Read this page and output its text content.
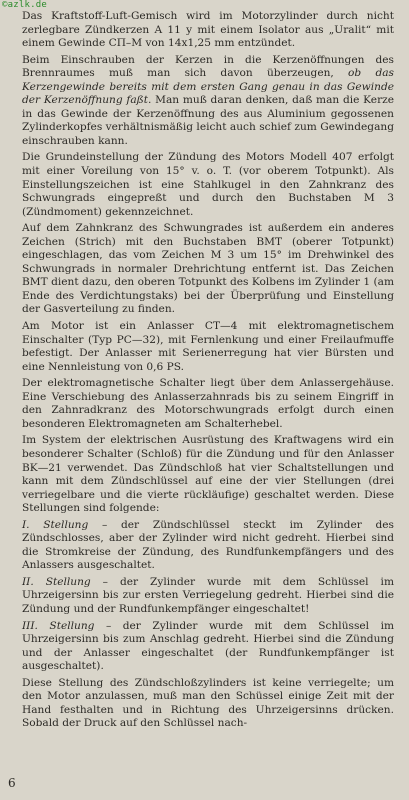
©azlk.de

Das Kraftstoff-Luft-Gemisch wird im Motorzylinder durch nicht zerlegbare Zündkerzen A 11 y mit einem Isolator aus „Uralit“ mit einem Gewinde CП–M von 14x1,25 mm entzündet.

Beim Einschrauben der Kerzen in die Kerzenöffnungen des Brennraumes muß man sich davon überzeugen, ob das Kerzengewinde bereits mit dem ersten Gang genau in das Gewinde der Kerzenöffnung faßt. Man muß daran denken, daß man die Kerze in das Gewinde der Kerzenöffnung des aus Aluminium gegossenen Zylinderkopfes verhältnismäßig leicht auch schief zum Gewindegang einschrauben kann.

Die Grundeinstellung der Zündung des Motors Modell 407 erfolgt mit einer Voreilung von 15° v. o. T. (vor oberem Totpunkt). Als Einstellungszeichen ist eine Stahlkugel in den Zahnkranz des Schwungrads eingepreßt und durch den Buchstaben M 3 (Zündmoment) gekennzeichnet.

Auf dem Zahnkranz des Schwungrades ist außerdem ein anderes Zeichen (Strich) mit den Buchstaben BMT (oberer Totpunkt) eingeschlagen, das vom Zeichen M 3 um 15° im Drehwinkel des Schwungrads in normaler Drehrichtung entfernt ist. Das Zeichen BMT dient dazu, den oberen Totpunkt des Kolbens im Zylinder 1 (am Ende des Verdichtungstaks) bei der Überprüfung und Einstellung der Gasverteilung zu finden.

Am Motor ist ein Anlasser CT—4 mit elektromagnetischem Einschalter (Typ PC—32), mit Fernlenkung und einer Freilaufmuffe befestigt. Der Anlasser mit Serienerregung hat vier Bürsten und eine Nennleistung von 0,6 PS.

Der elektromagnetische Schalter liegt über dem Anlassergehäuse. Eine Verschiebung des Anlasserzahnrads bis zu seinem Eingriff in den Zahnradkranz des Motorschwungrads erfolgt durch einen besonderen Elektromagneten am Schalterhebel.

Im System der elektrischen Ausrüstung des Kraftwagens wird ein besonderer Schalter (Schloß) für die Zündung und für den Anlasser BK—21 verwendet. Das Zündschloß hat vier Schaltstellungen und kann mit dem Zündschlüssel auf eine der vier Stellungen (drei verriegelbare und die vierte rückläufige) geschaltet werden. Diese Stellungen sind folgende:

I. Stellung – der Zündschlüssel steckt im Zylinder des Zündschlosses, aber der Zylinder wird nicht gedreht. Hierbei sind die Stromkreise der Zündung, des Rundfunkempfängers und des Anlassers ausgeschaltet.

II. Stellung – der Zylinder wurde mit dem Schlüssel im Uhrzeigersinn bis zur ersten Verriegelung gedreht. Hierbei sind die Zündung und der Rundfunkempfänger eingeschaltet!

III. Stellung – der Zylinder wurde mit dem Schlüssel im Uhrzeigersinn bis zum Anschlag gedreht. Hierbei sind die Zündung und der Anlasser eingeschaltet (der Rundfunkempfänger ist ausgeschaltet).

Diese Stellung des Zündschloßzylinders ist keine verriegelte; um den Motor anzulassen, muß man den Schüssel einige Zeit mit der Hand festhalten und in Richtung des Uhrzeigersinns drücken. Sobald der Druck auf den Schlüssel nach-

6
